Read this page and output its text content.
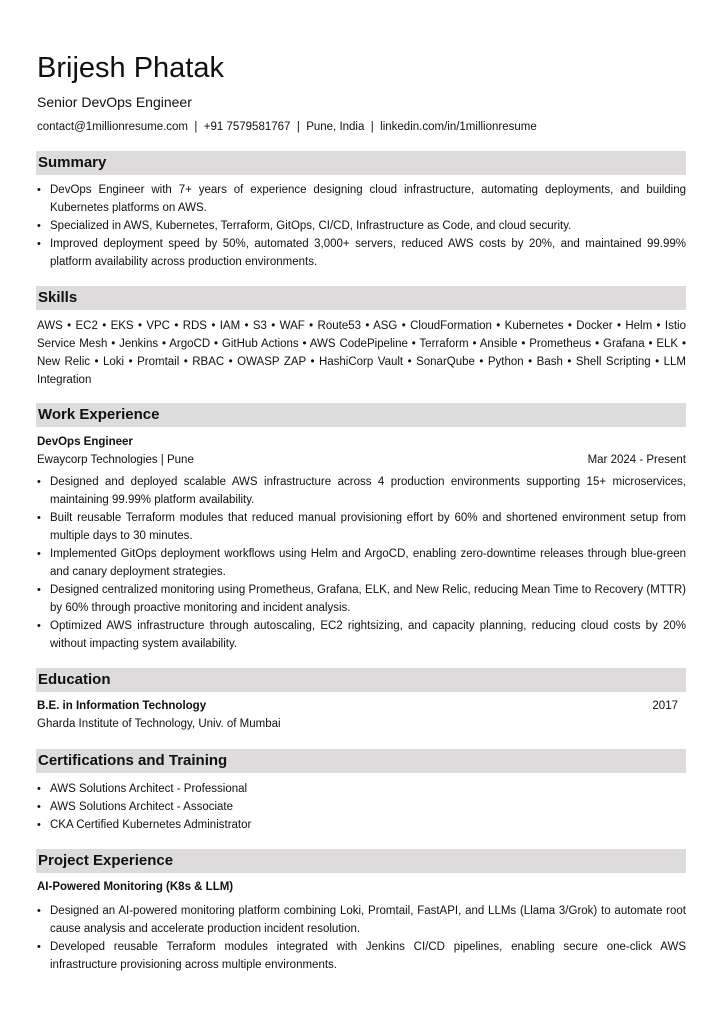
Brijesh Phatak
Senior DevOps Engineer
contact@1millionresume.com  |  +91 7579581767  |  Pune, India  |  linkedin.com/in/1millionresume
Summary
• DevOps Engineer with 7+ years of experience designing cloud infrastructure, automating deployments, and building Kubernetes platforms on AWS.
• Specialized in AWS, Kubernetes, Terraform, GitOps, CI/CD, Infrastructure as Code, and cloud security.
• Improved deployment speed by 50%, automated 3,000+ servers, reduced AWS costs by 20%, and maintained 99.99% platform availability across production environments.
Skills
AWS • EC2 • EKS • VPC • RDS • IAM • S3 • WAF • Route53 • ASG • CloudFormation • Kubernetes • Docker • Helm • Istio Service Mesh • Jenkins • ArgoCD • GitHub Actions • AWS CodePipeline • Terraform • Ansible • Prometheus • Grafana • ELK • New Relic • Loki • Promtail • RBAC • OWASP ZAP • HashiCorp Vault • SonarQube • Python • Bash • Shell Scripting • LLM Integration
Work Experience
DevOps Engineer
Ewaycorp Technologies | Pune	Mar 2024 - Present
• Designed and deployed scalable AWS infrastructure across 4 production environments supporting 15+ microservices, maintaining 99.99% platform availability.
• Built reusable Terraform modules that reduced manual provisioning effort by 60% and shortened environment setup from multiple days to 30 minutes.
• Implemented GitOps deployment workflows using Helm and ArgoCD, enabling zero-downtime releases through blue-green and canary deployment strategies.
• Designed centralized monitoring using Prometheus, Grafana, ELK, and New Relic, reducing Mean Time to Recovery (MTTR) by 60% through proactive monitoring and incident analysis.
• Optimized AWS infrastructure through autoscaling, EC2 rightsizing, and capacity planning, reducing cloud costs by 20% without impacting system availability.
Education
B.E. in Information Technology	2017
Gharda Institute of Technology, Univ. of Mumbai
Certifications and Training
• AWS Solutions Architect - Professional
• AWS Solutions Architect - Associate
• CKA Certified Kubernetes Administrator
Project Experience
AI-Powered Monitoring (K8s & LLM)
• Designed an AI-powered monitoring platform combining Loki, Promtail, FastAPI, and LLMs (Llama 3/Grok) to automate root cause analysis and accelerate production incident resolution.
• Developed reusable Terraform modules integrated with Jenkins CI/CD pipelines, enabling secure one-click AWS infrastructure provisioning across multiple environments.
